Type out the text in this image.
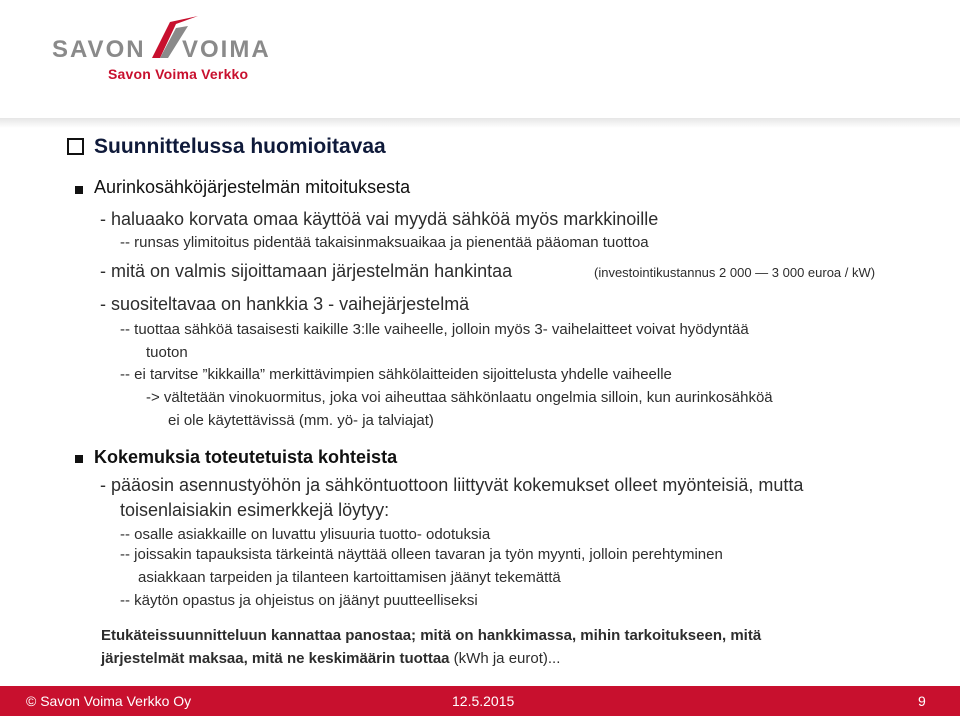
SAVON VOIMA
Savon Voima Verkko
Suunnittelussa huomioitavaa
Aurinkosähköjärjestelmän mitoituksesta
- haluaako korvata omaa käyttöä vai myydä sähköä myös markkinoille
-- runsas ylimitoitus pidentää takaisinmaksuaikaa ja pienentää pääoman tuottoa
- mitä on valmis sijoittamaan järjestelmän hankintaa	(investointikustannus 2 000 — 3 000 euroa / kW)
- suositeltavaa on hankkia 3 - vaihejärjestelmä
-- tuottaa sähköä tasaisesti kaikille 3:lle vaiheelle, jolloin myös 3- vaihelaitteet voivat hyödyntää
tuoton
-- ei tarvitse ”kikkailla” merkittävimpien sähkölaitteiden sijoittelusta yhdelle vaiheelle
-> vältetään vinokuormitus, joka voi aiheuttaa sähkönlaatu ongelmia silloin, kun aurinkosähköä
ei ole käytettävissä (mm. yö- ja talviajat)
Kokemuksia toteutetuista kohteista
- pääosin asennustyöhön ja sähköntuottoon liittyvät kokemukset olleet myönteisiä, mutta
toisenlaisiakin esimerkkejä löytyy:
-- osalle asiakkaille on luvattu ylisuuria tuotto- odotuksia
-- joissakin tapauksista tärkeintä näyttää olleen tavaran ja työn myynti, jolloin perehtyminen
asiakkaan tarpeiden ja tilanteen kartoittamisen jäänyt tekemättä
-- käytön opastus ja ohjeistus on jäänyt puutteelliseksi
Etukäteissuunnitteluun kannattaa panostaa; mitä on hankkimassa, mihin tarkoitukseen, mitä
järjestelmät maksaa, mitä ne keskimäärin tuottaa (kWh ja eurot)...
© Savon Voima Verkko Oy	12.5.2015	9
